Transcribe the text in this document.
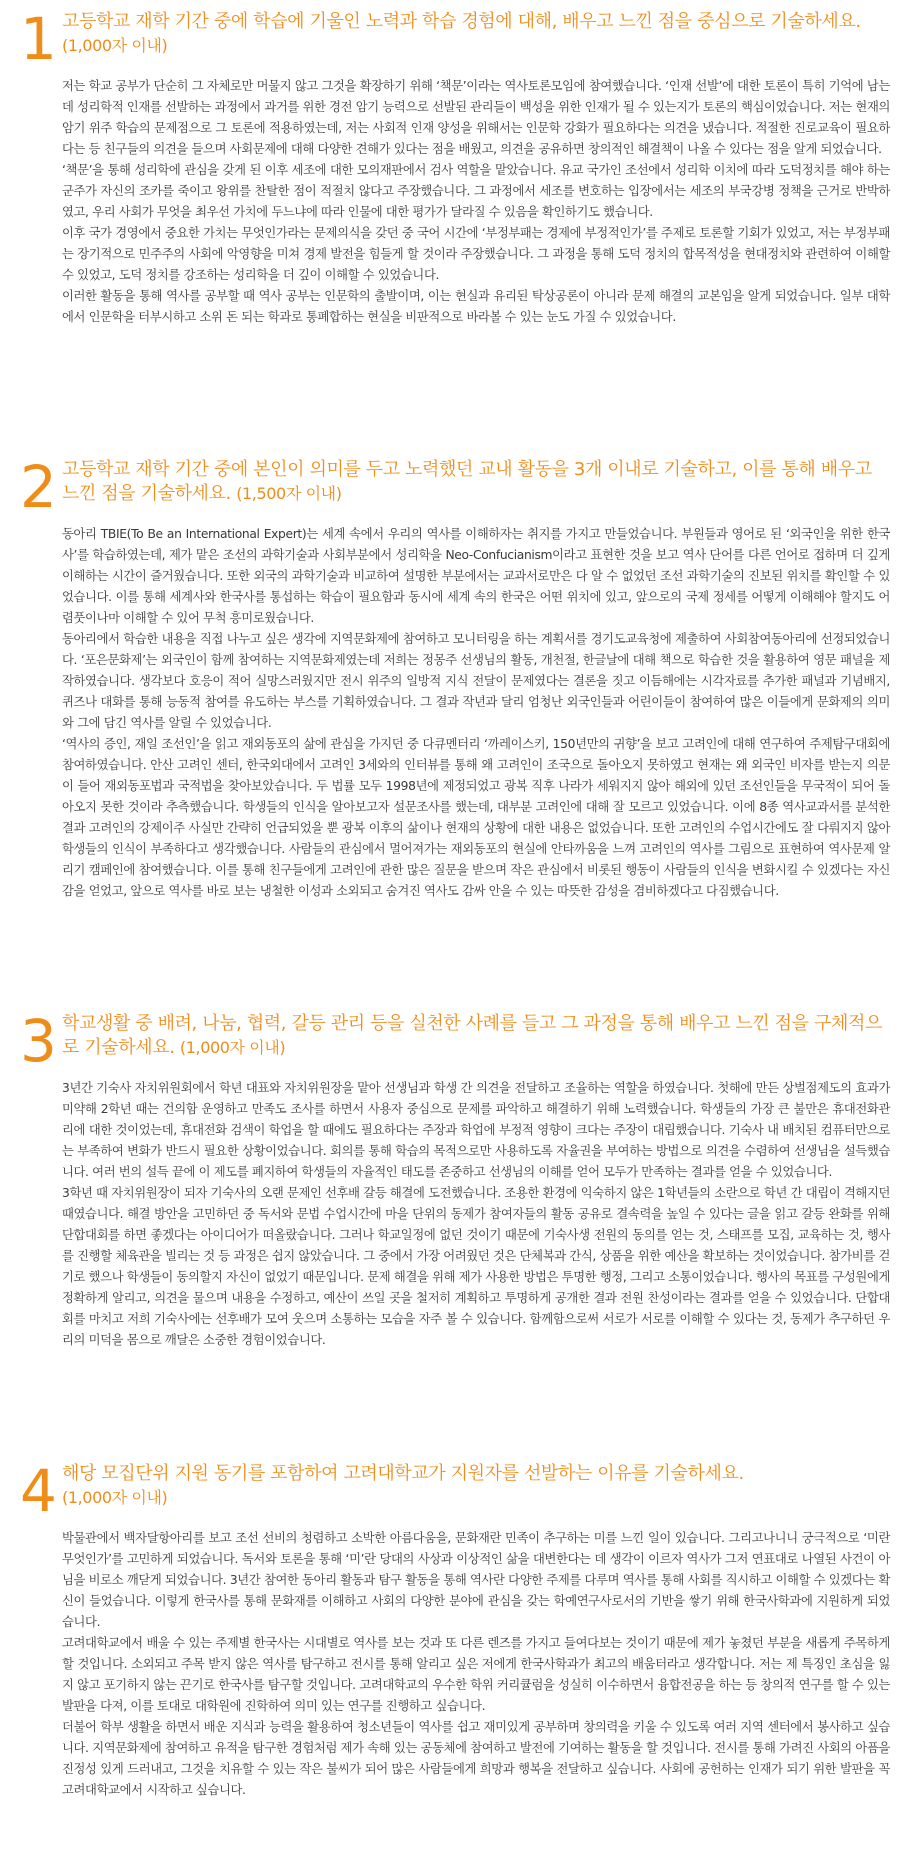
1 고등학교 재학 기간 중에 학습에 기울인 노력과 학습 경험에 대해, 배우고 느낀 점을 중심으로 기술하세요.
(1,000자 이내)

저는 학교 공부가 단순히 그 자체로만 머물지 않고 그것을 확장하기 위해 ‘책문’이라는 역사토론모임에 참여했습니다. ‘인재 선발’에 대한 토론이 특히 기억에 남는데 성리학적 인재를 선발하는 과정에서 과거를 위한 경전 암기 능력으로 선발된 관리들이 백성을 위한 인재가 될 수 있는지가 토론의 핵심이었습니다. 저는 현재의 암기 위주 학습의 문제점으로 그 토론에 적용하였는데, 저는 사회적 인재 양성을 위해서는 인문학 강화가 필요하다는 의견을 냈습니다. 적절한 진로교육이 필요하다는 등 친구들의 의견을 들으며 사회문제에 대해 다양한 견해가 있다는 점을 배웠고, 의견을 공유하면 창의적인 해결책이 나올 수 있다는 점을 알게 되었습니다.

‘책문’을 통해 성리학에 관심을 갖게 된 이후 세조에 대한 모의재판에서 검사 역할을 맡았습니다. 유교 국가인 조선에서 성리학 이치에 따라 도덕정치를 해야 하는 군주가 자신의 조카를 죽이고 왕위를 찬탈한 점이 적절치 않다고 주장했습니다. 그 과정에서 세조를 변호하는 입장에서는 세조의 부국강병 정책을 근거로 반박하였고, 우리 사회가 무엇을 최우선 가치에 두느냐에 따라 인물에 대한 평가가 달라질 수 있음을 확인하기도 했습니다.

이후 국가 경영에서 중요한 가치는 무엇인가라는 문제의식을 갖던 중 국어 시간에 ‘부정부패는 경제에 부정적인가’를 주제로 토론할 기회가 있었고, 저는 부정부패는 장기적으로 민주주의 사회에 악영향을 미쳐 경제 발전을 힘들게 할 것이라 주장했습니다. 그 과정을 통해 도덕 정치의 합목적성을 현대정치와 관련하여 이해할 수 있었고, 도덕 정치를 강조하는 성리학을 더 깊이 이해할 수 있었습니다.

이러한 활동을 통해 역사를 공부할 때 역사 공부는 인문학의 출발이며, 이는 현실과 유리된 탁상공론이 아니라 문제 해결의 교본임을 알게 되었습니다. 일부 대학에서 인문학을 터부시하고 소위 돈 되는 학과로 통폐합하는 현실을 비판적으로 바라볼 수 있는 눈도 가질 수 있었습니다.

2 고등학교 재학 기간 중에 본인이 의미를 두고 노력했던 교내 활동을 3개 이내로 기술하고, 이를 통해 배우고 느낀 점을 기술하세요. (1,500자 이내)

동아리 TBIE(To Be an International Expert)는 세계 속에서 우리의 역사를 이해하자는 취지를 가지고 만들었습니다. 부원들과 영어로 된 ‘외국인을 위한 한국사’를 학습하였는데, 제가 맡은 조선의 과학기술과 사회부분에서 성리학을 Neo-Confucianism이라고 표현한 것을 보고 역사 단어를 다른 언어로 접하며 더 깊게 이해하는 시간이 즐거웠습니다. 또한 외국의 과학기술과 비교하여 설명한 부분에서는 교과서로만은 다 알 수 없었던 조선 과학기술의 진보된 위치를 확인할 수 있었습니다. 이를 통해 세계사와 한국사를 통섭하는 학습이 필요함과 동시에 세계 속의 한국은 어떤 위치에 있고, 앞으로의 국제 정세를 어떻게 이해해야 할지도 어렴풋이나마 이해할 수 있어 무척 흥미로웠습니다.

동아리에서 학습한 내용을 직접 나누고 싶은 생각에 지역문화제에 참여하고 모니터링을 하는 계획서를 경기도교육청에 제출하여 사회참여동아리에 선정되었습니다. ‘포은문화제’는 외국인이 함께 참여하는 지역문화제였는데 저희는 정몽주 선생님의 활동, 개천절, 한글날에 대해 책으로 학습한 것을 활용하여 영문 패널을 제작하였습니다. 생각보다 호응이 적어 실망스러웠지만 전시 위주의 일방적 지식 전달이 문제였다는 결론을 짓고 이듬해에는 시각자료를 추가한 패널과 기념배지, 퀴즈나 대화를 통해 능동적 참여를 유도하는 부스를 기획하였습니다. 그 결과 작년과 달리 엄청난 외국인들과 어린이들이 참여하여 많은 이들에게 문화제의 의미와 그에 담긴 역사를 알릴 수 있었습니다.

‘역사의 증인, 재일 조선인’을 읽고 재외동포의 삶에 관심을 가지던 중 다큐멘터리 ‘까레이스키, 150년만의 귀향’을 보고 고려인에 대해 연구하여 주제탐구대회에 참여하였습니다. 안산 고려인 센터, 한국외대에서 고려인 3세와의 인터뷰를 통해 왜 고려인이 조국으로 돌아오지 못하였고 현재는 왜 외국인 비자를 받는지 의문이 들어 재외동포법과 국적법을 찾아보았습니다. 두 법률 모두 1998년에 제정되었고 광복 직후 나라가 세워지지 않아 해외에 있던 조선인들을 무국적이 되어 돌아오지 못한 것이라 추측했습니다. 학생들의 인식을 알아보고자 설문조사를 했는데, 대부분 고려인에 대해 잘 모르고 있었습니다. 이에 8종 역사교과서를 분석한 결과 고려인의 강제이주 사실만 간략히 언급되었을 뿐 광복 이후의 삶이나 현재의 상황에 대한 내용은 없었습니다. 또한 고려인의 수업시간에도 잘 다뤄지지 않아 학생들의 인식이 부족하다고 생각했습니다. 사람들의 관심에서 멀어져가는 재외동포의 현실에 안타까움을 느껴 고려인의 역사를 그림으로 표현하여 역사문제 알리기 캠페인에 참여했습니다. 이를 통해 친구들에게 고려인에 관한 많은 질문을 받으며 작은 관심에서 비롯된 행동이 사람들의 인식을 변화시킬 수 있겠다는 자신감을 얻었고, 앞으로 역사를 바로 보는 냉철한 이성과 소외되고 숨겨진 역사도 감싸 안을 수 있는 따뜻한 감성을 겸비하겠다고 다짐했습니다.

3 학교생활 중 배려, 나눔, 협력, 갈등 관리 등을 실천한 사례를 들고 그 과정을 통해 배우고 느낀 점을 구체적으로 기술하세요. (1,000자 이내)

3년간 기숙사 자치위원회에서 학년 대표와 자치위원장을 맡아 선생님과 학생 간 의견을 전달하고 조율하는 역할을 하였습니다. 첫해에 만든 상벌점제도의 효과가 미약해 2학년 때는 건의함 운영하고 만족도 조사를 하면서 사용자 중심으로 문제를 파악하고 해결하기 위해 노력했습니다. 학생들의 가장 큰 불만은 휴대전화관리에 대한 것이었는데, 휴대전화 검색이 학업을 할 때에도 필요하다는 주장과 학업에 부정적 영향이 크다는 주장이 대립했습니다. 기숙사 내 배치된 컴퓨터만으로는 부족하여 변화가 반드시 필요한 상황이었습니다. 회의를 통해 학습의 목적으로만 사용하도록 자율권을 부여하는 방법으로 의견을 수렴하여 선생님을 설득했습니다. 여러 번의 설득 끝에 이 제도를 폐지하여 학생들의 자율적인 태도를 존중하고 선생님의 이해를 얻어 모두가 만족하는 결과를 얻을 수 있었습니다.

3학년 때 자치위원장이 되자 기숙사의 오랜 문제인 선후배 갈등 해결에 도전했습니다. 조용한 환경에 익숙하지 않은 1학년들의 소란으로 학년 간 대립이 격해지던 때였습니다. 해결 방안을 고민하던 중 독서와 문법 수업시간에 마을 단위의 동제가 참여자들의 활동 공유로 결속력을 높일 수 있다는 글을 읽고 갈등 완화를 위해 단합대회를 하면 좋겠다는 아이디어가 떠올랐습니다. 그러나 학교일정에 없던 것이기 때문에 기숙사생 전원의 동의를 얻는 것, 스태프를 모집, 교육하는 것, 행사를 진행할 체육관을 빌리는 것 등 과정은 쉽지 않았습니다. 그 중에서 가장 어려웠던 것은 단체복과 간식, 상품을 위한 예산을 확보하는 것이었습니다. 참가비를 걷기로 했으나 학생들이 동의할지 자신이 없었기 때문입니다. 문제 해결을 위해 제가 사용한 방법은 투명한 행정, 그리고 소통이었습니다. 행사의 목표를 구성원에게 정확하게 알리고, 의견을 물으며 내용을 수정하고, 예산이 쓰일 곳을 철저히 계획하고 투명하게 공개한 결과 전원 찬성이라는 결과를 얻을 수 있었습니다. 단합대회를 마치고 저희 기숙사에는 선후배가 모여 웃으며 소통하는 모습을 자주 볼 수 있습니다. 함께함으로써 서로가 서로를 이해할 수 있다는 것, 동제가 추구하던 우리의 미덕을 몸으로 깨달은 소중한 경험이었습니다.

4 해당 모집단위 지원 동기를 포함하여 고려대학교가 지원자를 선발하는 이유를 기술하세요.
(1,000자 이내)

박물관에서 백자달항아리를 보고 조선 선비의 청렴하고 소박한 아름다움을, 문화재란 민족이 추구하는 미를 느낀 일이 있습니다. 그리고나니니 궁극적으로 ‘미란 무엇인가’를 고민하게 되었습니다. 독서와 토론을 통해 ‘미’란 당대의 사상과 이상적인 삶을 대변한다는 데 생각이 이르자 역사가 그저 연표대로 나열된 사건이 아님을 비로소 깨닫게 되었습니다. 3년간 참여한 동아리 활동과 탐구 활동을 통해 역사란 다양한 주제를 다루며 역사를 통해 사회를 직시하고 이해할 수 있겠다는 확신이 들었습니다. 이렇게 한국사를 통해 문화재를 이해하고 사회의 다양한 분야에 관심을 갖는 학예연구사로서의 기반을 쌓기 위해 한국사학과에 지원하게 되었습니다.

고려대학교에서 배울 수 있는 주제별 한국사는 시대별로 역사를 보는 것과 또 다른 렌즈를 가지고 들여다보는 것이기 때문에 제가 놓쳤던 부분을 새롭게 주목하게 할 것입니다. 소외되고 주목 받지 않은 역사를 탐구하고 전시를 통해 알리고 싶은 저에게 한국사학과가 최고의 배움터라고 생각합니다. 저는 제 특징인 초심을 잃지 않고 포기하지 않는 끈기로 한국사를 탐구할 것입니다. 고려대학교의 우수한 학위 커리큘럼을 성실히 이수하면서 융합전공을 하는 등 창의적 연구를 할 수 있는 발판을 다져, 이를 토대로 대학원에 진학하여 의미 있는 연구를 진행하고 싶습니다.

더불어 학부 생활을 하면서 배운 지식과 능력을 활용하여 청소년들이 역사를 쉽고 재미있게 공부하며 창의력을 키울 수 있도록 여러 지역 센터에서 봉사하고 싶습니다. 지역문화제에 참여하고 유적을 탐구한 경험처럼 제가 속해 있는 공동체에 참여하고 발전에 기여하는 활동을 할 것입니다. 전시를 통해 가려진 사회의 아픔을 진정성 있게 드러내고, 그것을 치유할 수 있는 작은 불씨가 되어 많은 사람들에게 희망과 행복을 전달하고 싶습니다. 사회에 공헌하는 인재가 되기 위한 발판을 꼭 고려대학교에서 시작하고 싶습니다.
